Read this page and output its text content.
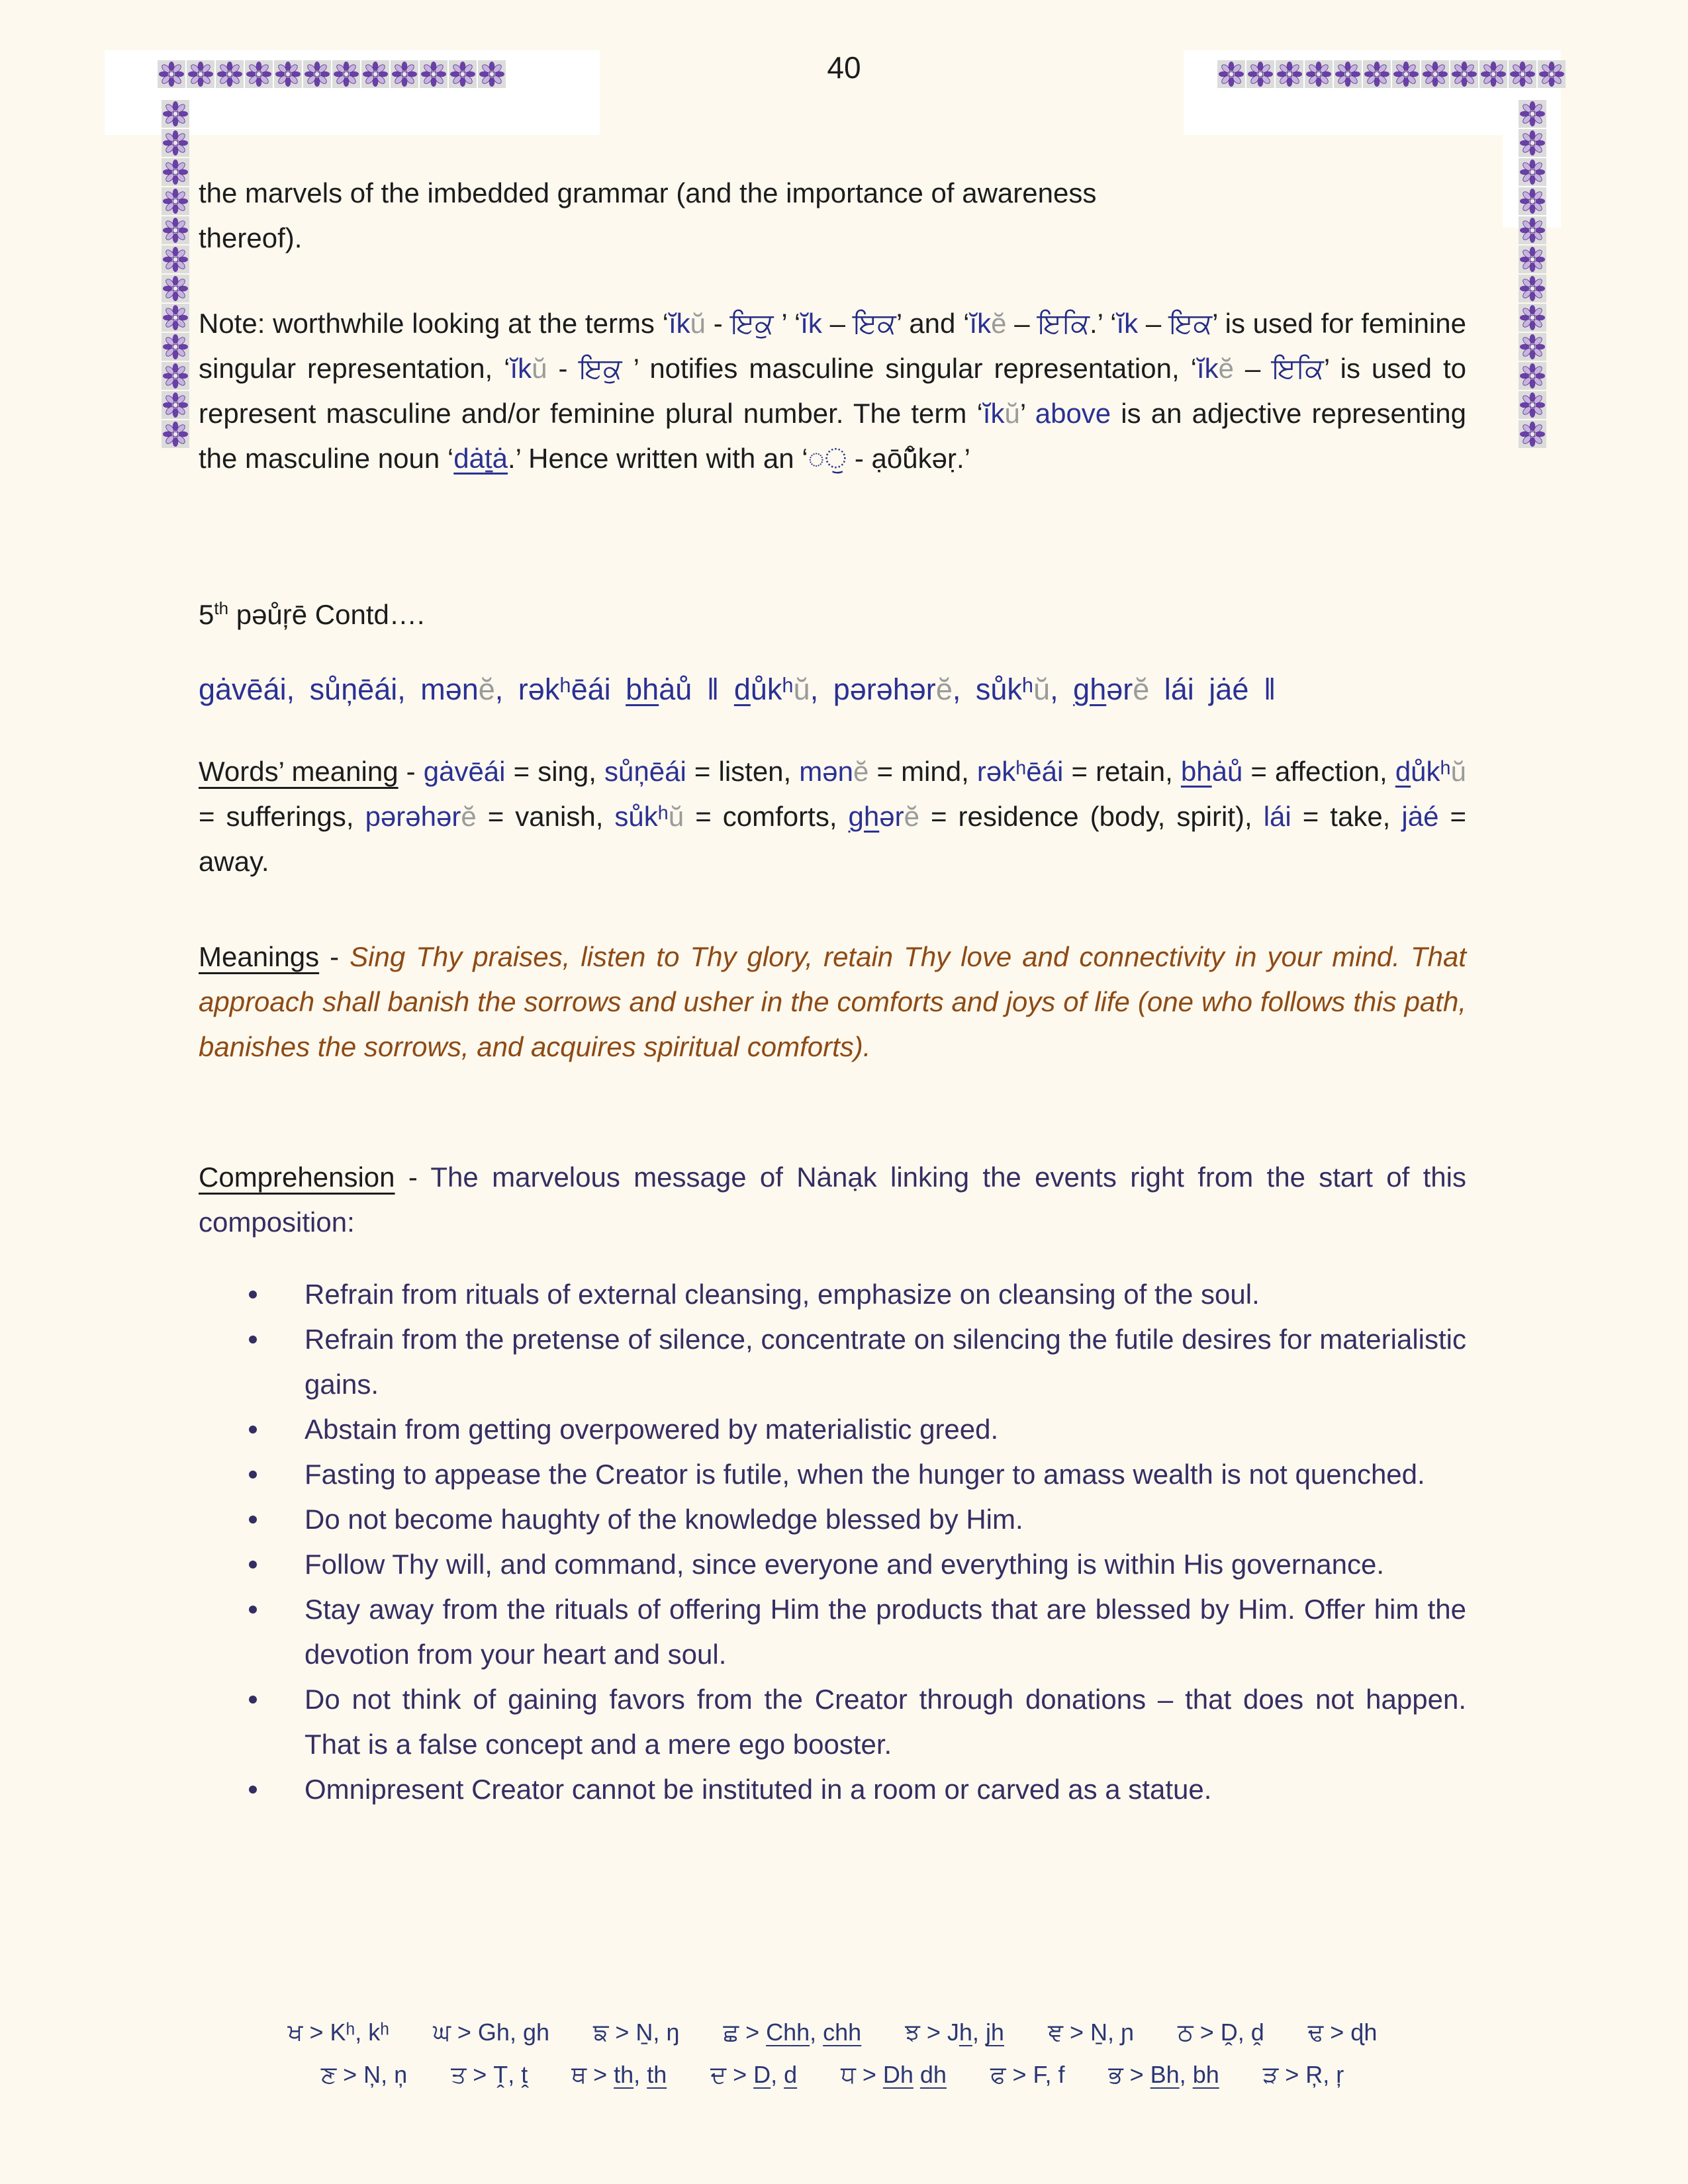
40
the marvels of the imbedded grammar (and the importance of awareness
thereof).
Note: worthwhile looking at the terms ‘ĭkŭ - ਇਕੁ ’ ‘ĭk – ਇਕ’ and ‘ĭkĕ – ਇਕਿ.’ ‘ĭk – ਇਕ’ is used for feminine singular representation, ‘ĭkŭ - ਇਕੁ ’ notifies masculine singular representation, ‘ĭkĕ – ਇਕਿ’ is used to represent masculine and/or feminine plural number. The term ‘ĭkŭ’ above is an adjective representing the masculine noun ‘dȧṯȧ.’ Hence written with an ‘◌ੁ - ạōů̃kəṛ.’
5th pəůŗē Contd….
gȧvēái, sůņēái, mənĕ, rəkʰēái bhȧů ‖ důkʰŭ, pərəhərĕ, sůkʰŭ, ghərĕ lái jȧé ‖
Words’ meaning - gȧvēái = sing, sůņēái = listen, mənĕ = mind, rəkʰēái = retain, bhȧů = affection, důkʰŭ = sufferings, pərəhərĕ = vanish, sůkʰŭ = comforts, ghərĕ = residence (body, spirit), lái = take, jȧé = away.
Meanings - Sing Thy praises, listen to Thy glory, retain Thy love and connectivity in your mind. That approach shall banish the sorrows and usher in the comforts and joys of life (one who follows this path, banishes the sorrows, and acquires spiritual comforts).
Comprehension - The marvelous message of Nȧnạk linking the events right from the start of this composition:
Refrain from rituals of external cleansing, emphasize on cleansing of the soul.
Refrain from the pretense of silence, concentrate on silencing the futile desires for materialistic gains.
Abstain from getting overpowered by materialistic greed.
Fasting to appease the Creator is futile, when the hunger to amass wealth is not quenched.
Do not become haughty of the knowledge blessed by Him.
Follow Thy will, and command, since everyone and everything is within His governance.
Stay away from the rituals of offering Him the products that are blessed by Him. Offer him the devotion from your heart and soul.
Do not think of gaining favors from the Creator through donations – that does not happen. That is a false concept and a mere ego booster.
Omnipresent Creator cannot be instituted in a room or carved as a statue.
ਖ > Kʰ, kʰ ਘ > Gh, gh ਙ > Ṉ, ŋ ਛ > Chh, chh ਝ > Jh, jh ਞ > Ṉ, ɲ ਠ > Ḓ, ḓ ਢ > ɖh
ਣ > Ņ, ņ ਤ > Ṱ, ṱ ਥ > th, th ਦ > D, d ਧ > Dh dh ਫ > F, f ਭ > Bh, bh ੜ > Ŗ, ŗ
